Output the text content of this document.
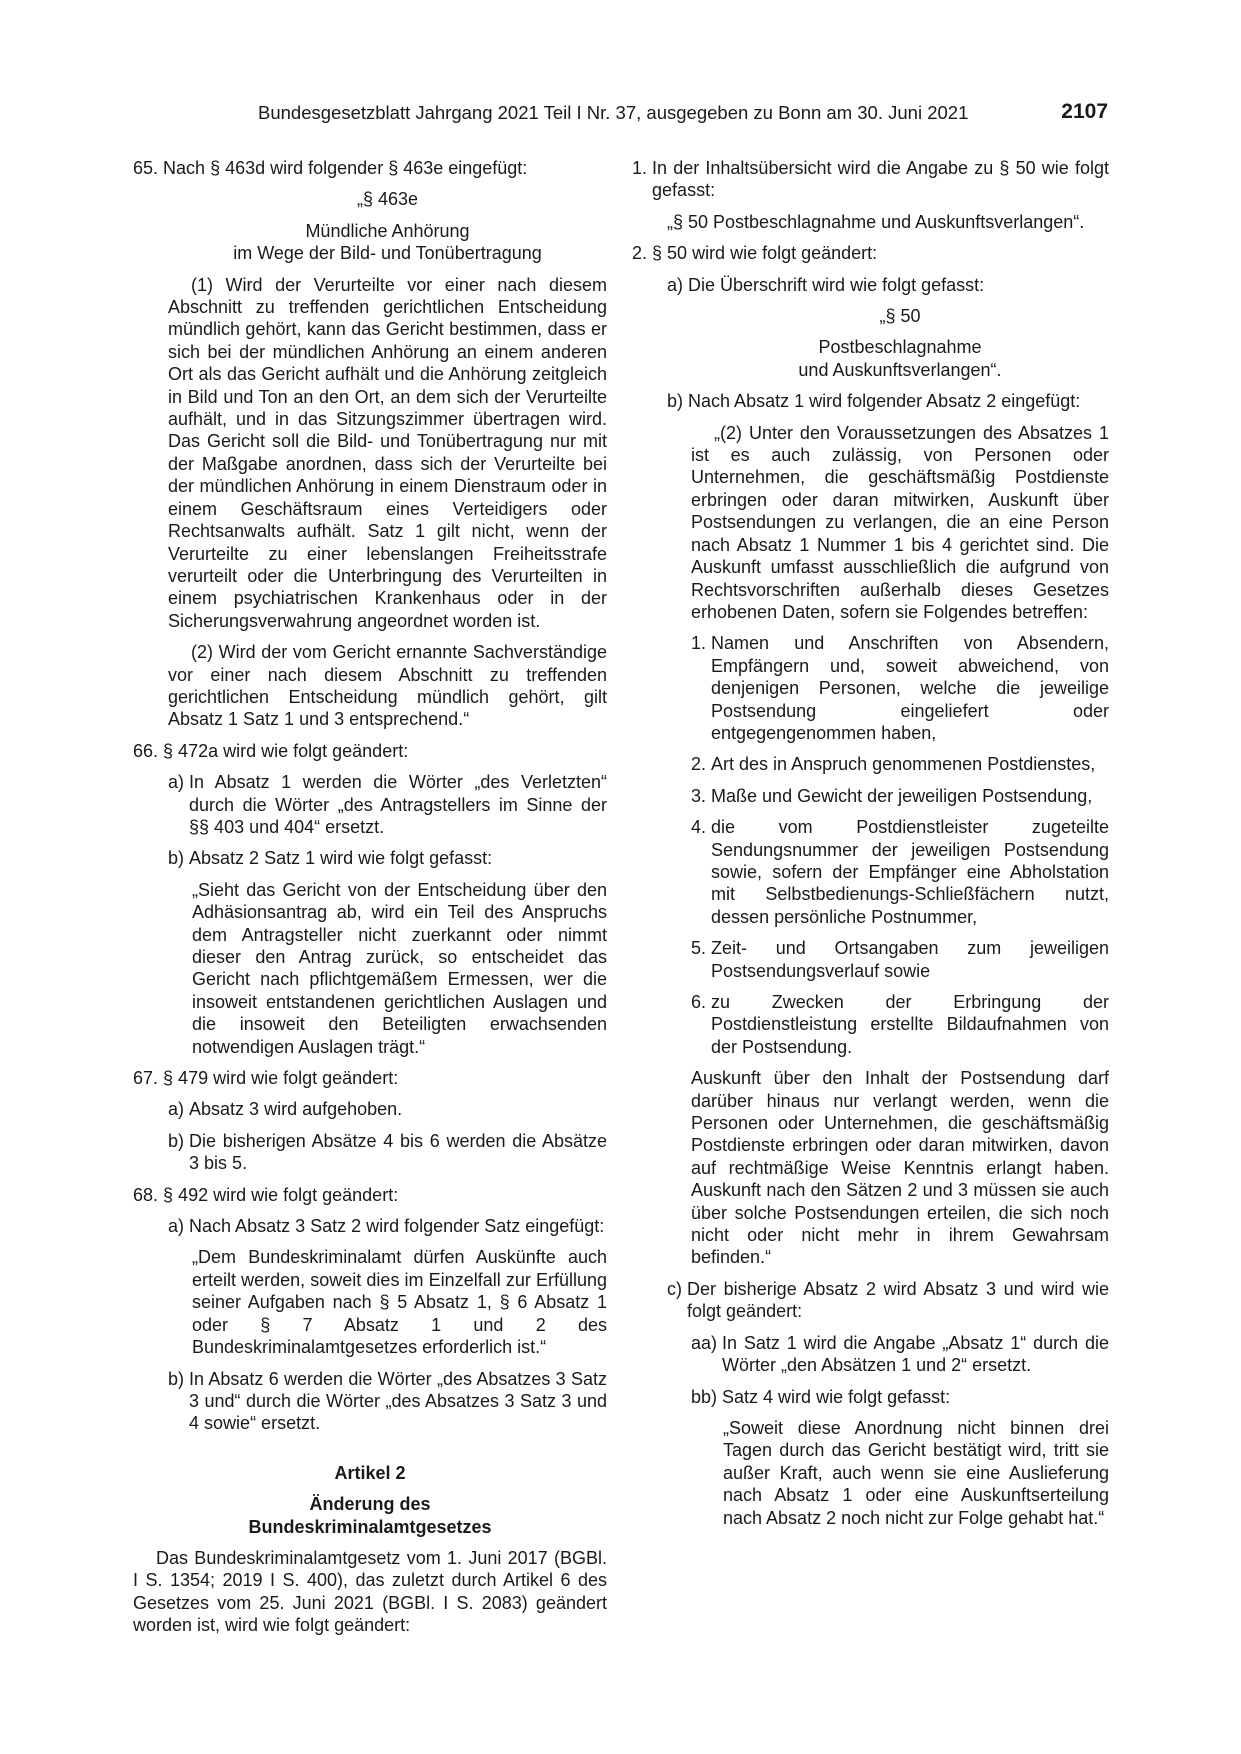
Bundesgesetzblatt Jahrgang 2021 Teil I Nr. 37, ausgegeben zu Bonn am 30. Juni 2021	2107
65.
Nach § 463d wird folgender § 463e eingefügt:

„§ 463e

Mündliche Anhörung

im Wege der Bild- und Tonübertragung

(1) Wird der Verurteilte vor einer nach diesem Abschnitt zu treffenden gerichtlichen Entscheidung mündlich gehört, kann das Gericht bestimmen, dass er sich bei der mündlichen Anhörung an einem anderen Ort als das Gericht aufhält und die Anhörung zeitgleich in Bild und Ton an den Ort, an dem sich der Verurteilte aufhält, und in das Sitzungszimmer übertragen wird. Das Gericht soll die Bild- und Tonübertragung nur mit der Maßgabe anordnen, dass sich der Verurteilte bei der mündlichen Anhörung in einem Dienstraum oder in einem Geschäftsraum eines Verteidigers oder Rechtsanwalts aufhält. Satz 1 gilt nicht, wenn der Verurteilte zu einer lebenslangen Freiheitsstrafe verurteilt oder die Unterbringung des Verurteilten in einem psychiatrischen Krankenhaus oder in der Sicherungsverwahrung angeordnet worden ist.

(2) Wird der vom Gericht ernannte Sachverständige vor einer nach diesem Abschnitt zu treffenden gerichtlichen Entscheidung mündlich gehört, gilt Absatz 1 Satz 1 und 3 entsprechend.“

66.
§ 472a wird wie folgt geändert:
a)
In Absatz 1 werden die Wörter „des Verletzten“ durch die Wörter „des Antragstellers im Sinne der §§ 403 und 404“ ersetzt.
b)
Absatz 2 Satz 1 wird wie folgt gefasst:

„Sieht das Gericht von der Entscheidung über den Adhäsionsantrag ab, wird ein Teil des Anspruchs dem Antragsteller nicht zuerkannt oder nimmt dieser den Antrag zurück, so entscheidet das Gericht nach pflichtgemäßem Ermessen, wer die insoweit entstandenen gerichtlichen Auslagen und die insoweit den Beteiligten erwachsenden notwendigen Auslagen trägt.“

67.
§ 479 wird wie folgt geändert:
a)
Absatz 3 wird aufgehoben.
b)
Die bisherigen Absätze 4 bis 6 werden die Absätze 3 bis 5.
68.
§ 492 wird wie folgt geändert:
a)
Nach Absatz 3 Satz 2 wird folgender Satz eingefügt:

„Dem Bundeskriminalamt dürfen Auskünfte auch erteilt werden, soweit dies im Einzelfall zur Erfüllung seiner Aufgaben nach § 5 Absatz 1, § 6 Absatz 1 oder § 7 Absatz 1 und 2 des Bundeskriminalamtgesetzes erforderlich ist.“

b)
In Absatz 6 werden die Wörter „des Absatzes 3 Satz 3 und“ durch die Wörter „des Absatzes 3 Satz 3 und 4 sowie“ ersetzt.

Artikel 2

Änderung des

Bundeskriminalamtgesetzes

Das Bundeskriminalamtgesetz vom 1. Juni 2017 (BGBl. I S. 1354; 2019 I S. 400), das zuletzt durch Artikel 6 des Gesetzes vom 25. Juni 2021 (BGBl. I S. 2083) geändert worden ist, wird wie folgt geändert:

1.
In der Inhaltsübersicht wird die Angabe zu § 50 wie folgt gefasst:

„§ 50 Postbeschlagnahme und Auskunftsverlangen“.

2.
§ 50 wird wie folgt geändert:
a)
Die Überschrift wird wie folgt gefasst:

„§ 50

Postbeschlagnahme

und Auskunftsverlangen“.

b)
Nach Absatz 1 wird folgender Absatz 2 eingefügt:

„(2) Unter den Voraussetzungen des Absatzes 1 ist es auch zulässig, von Personen oder Unternehmen, die geschäftsmäßig Postdienste erbringen oder daran mitwirken, Auskunft über Postsendungen zu verlangen, die an eine Person nach Absatz 1 Nummer 1 bis 4 gerichtet sind. Die Auskunft umfasst ausschließlich die aufgrund von Rechtsvorschriften außerhalb dieses Gesetzes erhobenen Daten, sofern sie Folgendes betreffen:

1.
Namen und Anschriften von Absendern, Empfängern und, soweit abweichend, von denjenigen Personen, welche die jeweilige Postsendung eingeliefert oder entgegengenommen haben,
2.
Art des in Anspruch genommenen Postdienstes,
3.
Maße und Gewicht der jeweiligen Postsendung,
4.
die vom Postdienstleister zugeteilte Sendungsnummer der jeweiligen Postsendung sowie, sofern der Empfänger eine Abholstation mit Selbstbedienungs-Schließfächern nutzt, dessen persönliche Postnummer,
5.
Zeit- und Ortsangaben zum jeweiligen Postsendungsverlauf sowie
6.
zu Zwecken der Erbringung der Postdienstleistung erstellte Bildaufnahmen von der Postsendung.

Auskunft über den Inhalt der Postsendung darf darüber hinaus nur verlangt werden, wenn die Personen oder Unternehmen, die geschäftsmäßig Postdienste erbringen oder daran mitwirken, davon auf rechtmäßige Weise Kenntnis erlangt haben. Auskunft nach den Sätzen 2 und 3 müssen sie auch über solche Postsendungen erteilen, die sich noch nicht oder nicht mehr in ihrem Gewahrsam befinden.“

c)
Der bisherige Absatz 2 wird Absatz 3 und wird wie folgt geändert:
aa)
In Satz 1 wird die Angabe „Absatz 1“ durch die Wörter „den Absätzen 1 und 2“ ersetzt.
bb)
Satz 4 wird wie folgt gefasst:

„Soweit diese Anordnung nicht binnen drei Tagen durch das Gericht bestätigt wird, tritt sie außer Kraft, auch wenn sie eine Auslieferung nach Absatz 1 oder eine Auskunftserteilung nach Absatz 2 noch nicht zur Folge gehabt hat.“
